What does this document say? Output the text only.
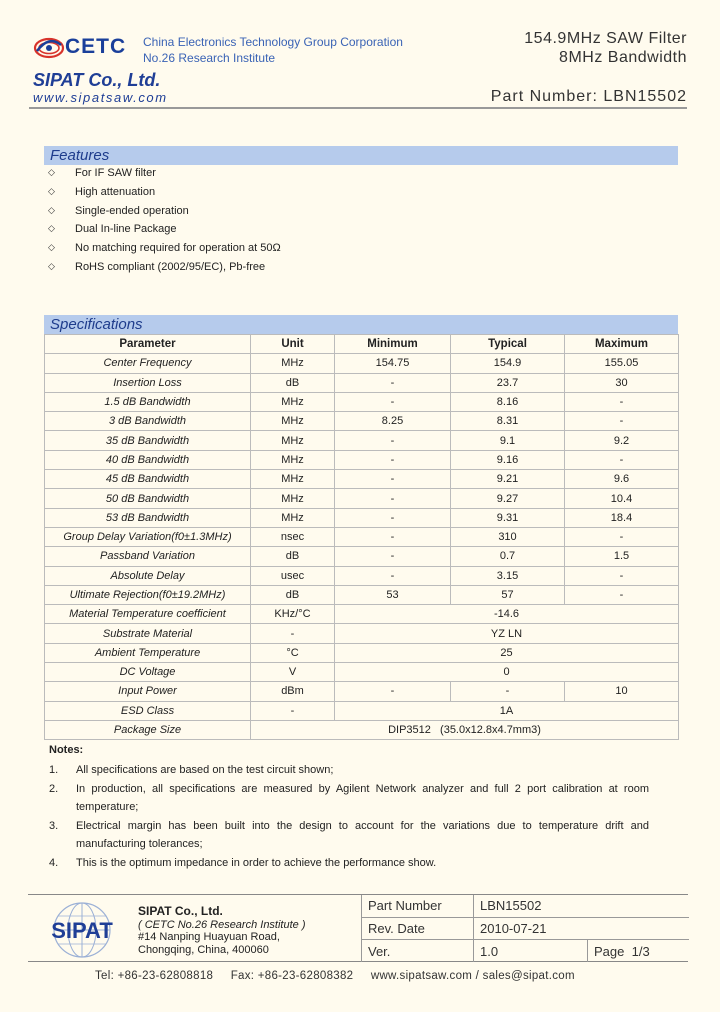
CETC China Electronics Technology Group Corporation
No.26 Research Institute
154.9MHz SAW Filter
8MHz Bandwidth
SIPAT Co., Ltd.
www.sipatsaw.com	Part Number: LBN15502
Features
◇ For IF SAW filter
◇ High attenuation
◇ Single-ended operation
◇ Dual In-line Package
◇ No matching required for operation at 50Ω
◇ RoHS compliant (2002/95/EC), Pb-free
Specifications
Parameter	Unit	Minimum	Typical	Maximum
Center Frequency	MHz	154.75	154.9	155.05
Insertion Loss	dB	-	23.7	30
1.5 dB Bandwidth	MHz	-	8.16	-
3 dB Bandwidth	MHz	8.25	8.31	-
35 dB Bandwidth	MHz	-	9.1	9.2
40 dB Bandwidth	MHz	-	9.16	-
45 dB Bandwidth	MHz	-	9.21	9.6
50 dB Bandwidth	MHz	-	9.27	10.4
53 dB Bandwidth	MHz	-	9.31	18.4
Group Delay Variation(f0±1.3MHz)	nsec	-	310	-
Passband Variation	dB	-	0.7	1.5
Absolute Delay	usec	-	3.15	-
Ultimate Rejection(f0±19.2MHz)	dB	53	57	-
Material Temperature coefficient	KHz/°C	-14.6		
Substrate Material	-	YZ LN		
Ambient Temperature	°C	25		
DC Voltage	V	0		
Input Power	dBm	-	-	10
ESD Class	-	1A		
Package Size	DIP3512   (35.0x12.8x4.7mm3)			
Notes:
1. All specifications are based on the test circuit shown;
2. In production, all specifications are measured by Agilent Network analyzer and full 2 port calibration at room temperature;
3. Electrical margin has been built into the design to account for the variations due to temperature drift and manufacturing tolerances;
4. This is the optimum impedance in order to achieve the performance show.
SIPAT
SIPAT Co., Ltd.
( CETC No.26 Research Institute )
#14 Nanping Huayuan Road,
Chongqing, China, 400060
Part Number	LBN15502	
Rev. Date	2010-07-21	
Ver.	1.0	Page 1/3
Tel: +86-23-62808818     Fax: +86-23-62808382     www.sipatsaw.com / sales@sipat.com
